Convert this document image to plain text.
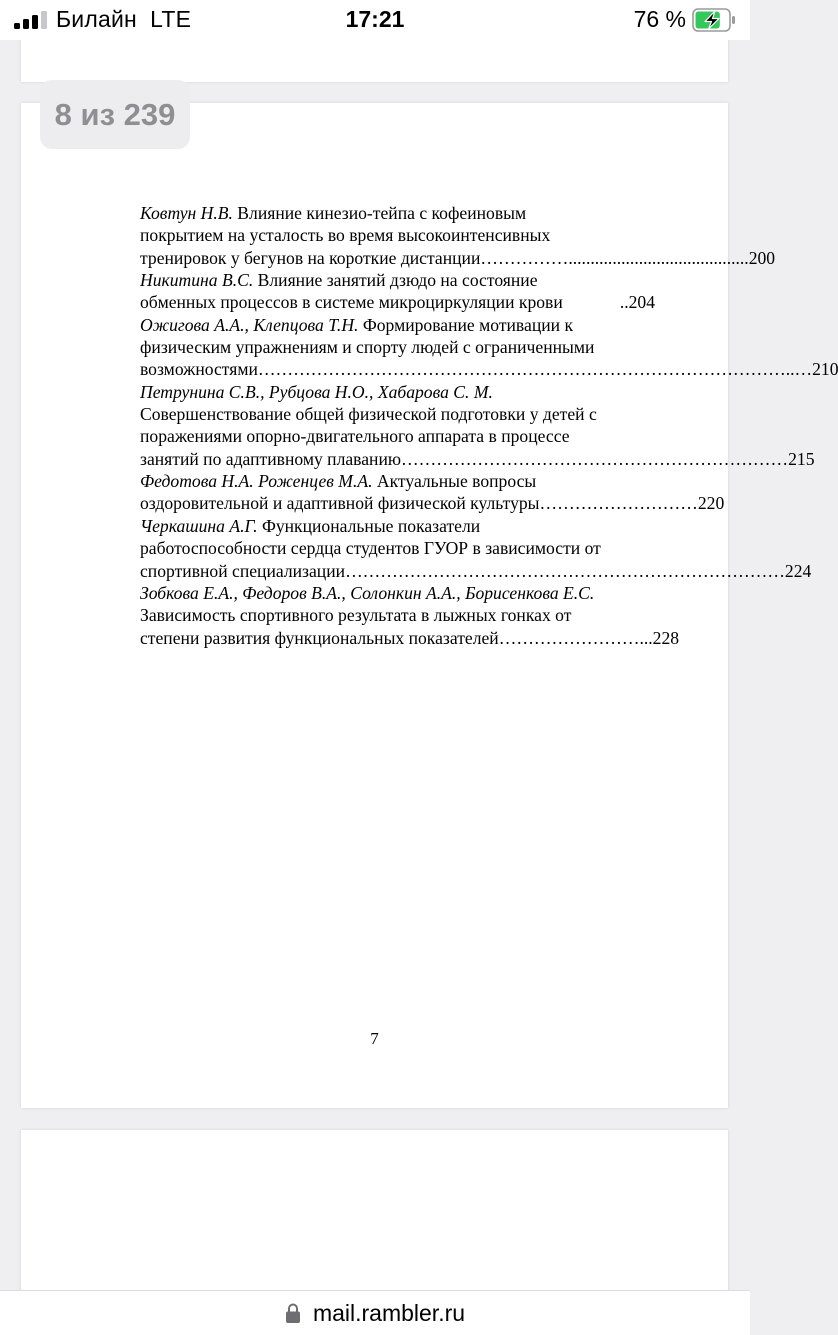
Билайн LTE	17:21	76 %
Ковтун Н.В. Влияние кинезио-тейпа с кофеиновым
покрытием на усталость во время высокоинтенсивных
тренировок у бегунов на короткие дистанции ……………....................................... ..200
Никитина В.С. Влияние занятий дзюдо на состояние
обменных процессов в системе микроциркуляции крови	..204
Ожигова А.А., Клепцова Т.Н. Формирование мотивации к
физическим упражнениям и спорту людей с ограниченными
возможностями ……………………………………………………………………………… ..…210
Петрунина С.В., Рубцова Н.О., Хабарова С. М.
Совершенствование общей физической подготовки у детей с
поражениями опорно-двигательного аппарата в процессе
занятий по адаптивному плаванию ………………………………………………………… 215
Федотова Н.А. Роженцев М.А. Актуальные вопросы
оздоровительной и адаптивной физической культуры …………………… …220
Черкашина А.Г. Функциональные показатели
работоспособности сердца студентов ГУОР в зависимости от
спортивной специализации ………………………………………………………………… 224
Зобкова Е.А., Федоров В.А., Солонкин А.А., Борисенкова Е.С.
Зависимость спортивного результата в лыжных гонках от
степени развития функциональных показателей ……………………. ..228
7
8 из 239
mail.rambler.ru
